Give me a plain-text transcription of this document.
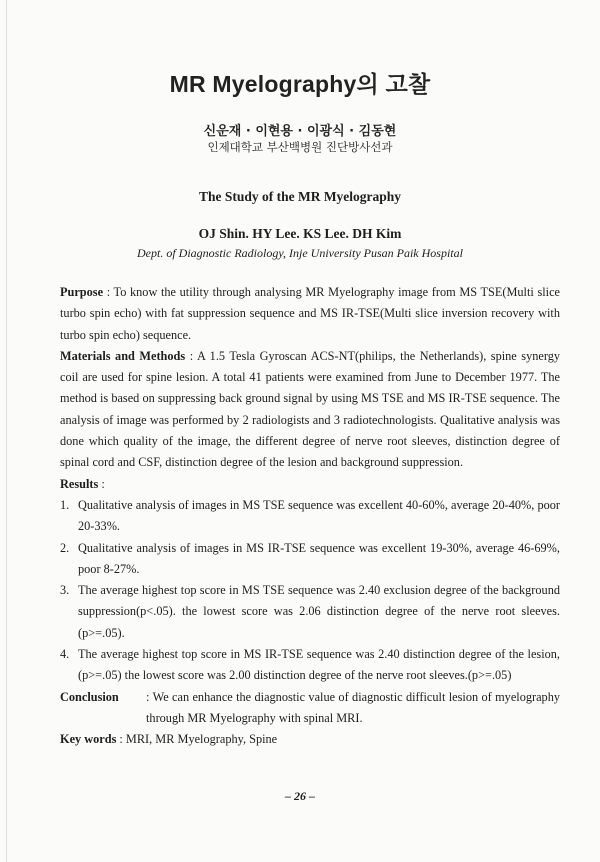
MR Myelography의 고찰
신운재 · 이현용 · 이광식 · 김동현
인제대학교 부산백병원 진단방사선과
The Study of the MR Myelography
OJ Shin. HY Lee. KS Lee. DH Kim
Dept. of Diagnostic Radiology, Inje University Pusan Paik Hospital

Purpose : To know the utility through analysing MR Myelography image from MS TSE(Multi slice turbo spin echo) with fat suppression sequence and MS IR-TSE(Multi slice inversion recovery with turbo spin echo) sequence.

Materials and Methods : A 1.5 Tesla Gyroscan ACS-NT(philips, the Netherlands), spine synergy coil are used for spine lesion. A total 41 patients were examined from June to December 1977. The method is based on suppressing back ground signal by using MS TSE and MS IR-TSE sequence. The analysis of image was performed by 2 radiologists and 3 radiotechnologists. Qualitative analysis was done which quality of the image, the different degree of nerve root sleeves, distinction degree of spinal cord and CSF, distinction degree of the lesion and background suppression.

Results :

1. Qualitative analysis of images in MS TSE sequence was excellent 40-60%, average 20-40%, poor 20-33%.
2. Qualitative analysis of images in MS IR-TSE sequence was excellent 19-30%, average 46-69%, poor 8-27%.
3. The average highest top score in MS TSE sequence was 2.40 exclusion degree of the background suppression(p<.05). the lowest score was 2.06 distinction degree of the nerve root sleeves.(p>=.05).
4. The average highest top score in MS IR-TSE sequence was 2.40 distinction degree of the lesion,(p>=.05) the lowest score was 2.00 distinction degree of the nerve root sleeves.(p>=.05)

Conclusion : We can enhance the diagnostic value of diagnostic difficult lesion of myelography through MR Myelography with spinal MRI.

Key words : MRI, MR Myelography, Spine

– 26 –
